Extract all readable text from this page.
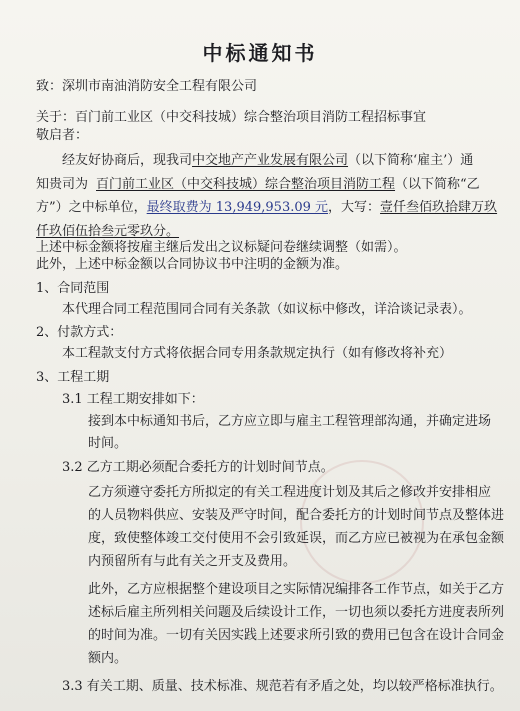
中标通知书
致：深圳市南油消防安全工程有限公司
关于：百门前工业区（中交科技城）综合整治项目消防工程招标事宜
敬启者：
经友好协商后，现我司中交地产产业发展有限公司（以下简称‘雇主’）通
知贵司为 百门前工业区（中交科技城）综合整治项目消防工程（以下简称“乙
方”）之中标单位，最终取费为 13,949,953.09 元，大写：壹仟叁佰玖拾肆万玖
仟玖佰伍拾叁元零玖分。
上述中标金额将按雇主继后发出之议标疑问卷继续调整（如需）。
此外，上述中标金额以合同协议书中注明的金额为准。
1、合同范围
本代理合同工程范围同合同有关条款（如议标中修改，详洽谈记录表）。
2、付款方式：
本工程款支付方式将依据合同专用条款规定执行（如有修改将补充）
3、工程工期
3.1 工程工期安排如下：
接到本中标通知书后，乙方应立即与雇主工程管理部沟通，并确定进场
时间。
3.2 乙方工期必须配合委托方的计划时间节点。
乙方须遵守委托方所拟定的有关工程进度计划及其后之修改并安排相应
的人员物料供应、安装及严守时间，配合委托方的计划时间节点及整体进
度，致使整体竣工交付使用不会引致延误，而乙方应已被视为在承包金额
内预留所有与此有关之开支及费用。
此外，乙方应根据整个建设项目之实际情况编排各工作节点，如关于乙方
述标后雇主所列相关问题及后续设计工作，一切也须以委托方进度表所列
的时间为准。一切有关因实践上述要求所引致的费用已包含在设计合同金
额内。
3.3 有关工期、质量、技术标准、规范若有矛盾之处，均以较严格标准执行。
